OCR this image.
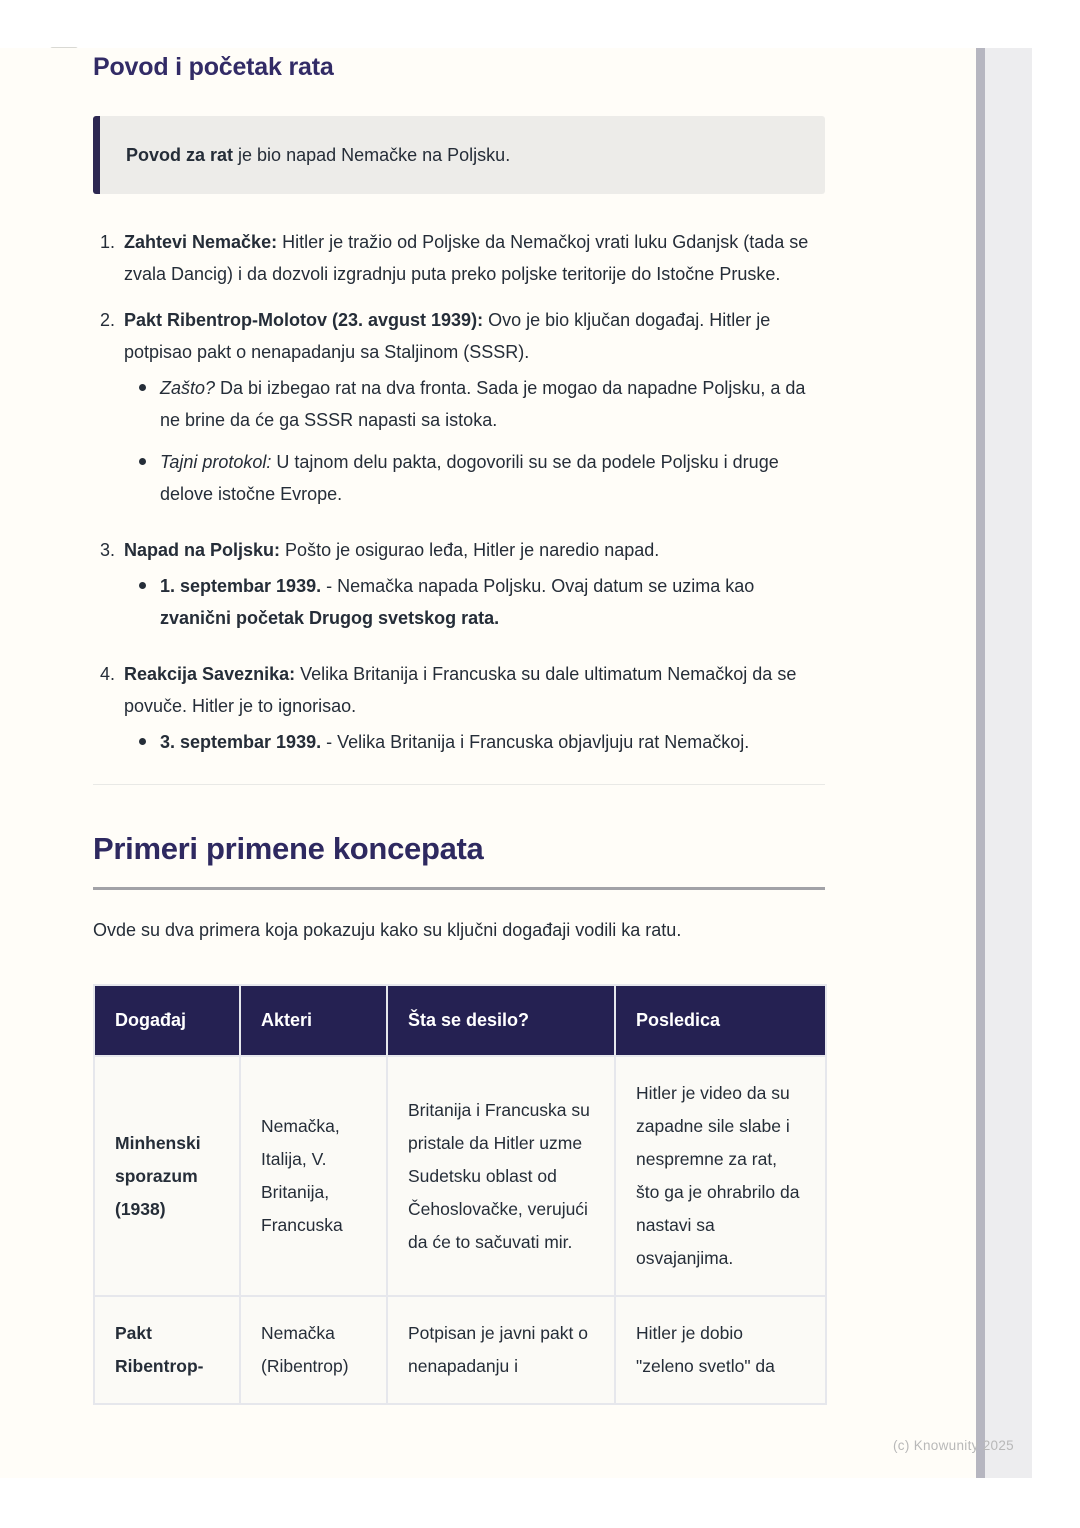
Povod i početak rata
Povod za rat je bio napad Nemačke na Poljsku.
1. Zahtevi Nemačke: Hitler je tražio od Poljske da Nemačkoj vrati luku Gdanjsk (tada se zvala Dancig) i da dozvoli izgradnju puta preko poljske teritorije do Istočne Pruske.
2. Pakt Ribentrop-Molotov (23. avgust 1939): Ovo je bio ključan događaj. Hitler je potpisao pakt o nenapadanju sa Staljinom (SSSR).
Zašto? Da bi izbegao rat na dva fronta. Sada je mogao da napadne Poljsku, a da ne brine da će ga SSSR napasti sa istoka.
Tajni protokol: U tajnom delu pakta, dogovorili su se da podele Poljsku i druge delove istočne Evrope.
3. Napad na Poljsku: Pošto je osigurao leđa, Hitler je naredio napad.
1. septembar 1939. - Nemačka napada Poljsku. Ovaj datum se uzima kao zvanični početak Drugog svetskog rata.
4. Reakcija Saveznika: Velika Britanija i Francuska su dale ultimatum Nemačkoj da se povuče. Hitler je to ignorisao.
3. septembar 1939. - Velika Britanija i Francuska objavljuju rat Nemačkoj.
Primeri primene koncepata

Ovde su dva primera koja pokazuju kako su ključni događaji vodili ka ratu.

Događaj	Akteri	Šta se desilo?	Posledica
Minhenski sporazum (1938)	Nemačka, Italija, V. Britanija, Francuska	Britanija i Francuska su pristale da Hitler uzme Sudetsku oblast od Čehoslovačke, verujući da će to sačuvati mir.	Hitler je video da su zapadne sile slabe i nespremne za rat, što ga je ohrabrilo da nastavi sa osvajanjima.
Pakt Ribentrop-	Nemačka (Ribentrop)	Potpisan je javni pakt o nenapadanju i	Hitler je dobio "zeleno svetlo" da
(c) Knowunity 2025
